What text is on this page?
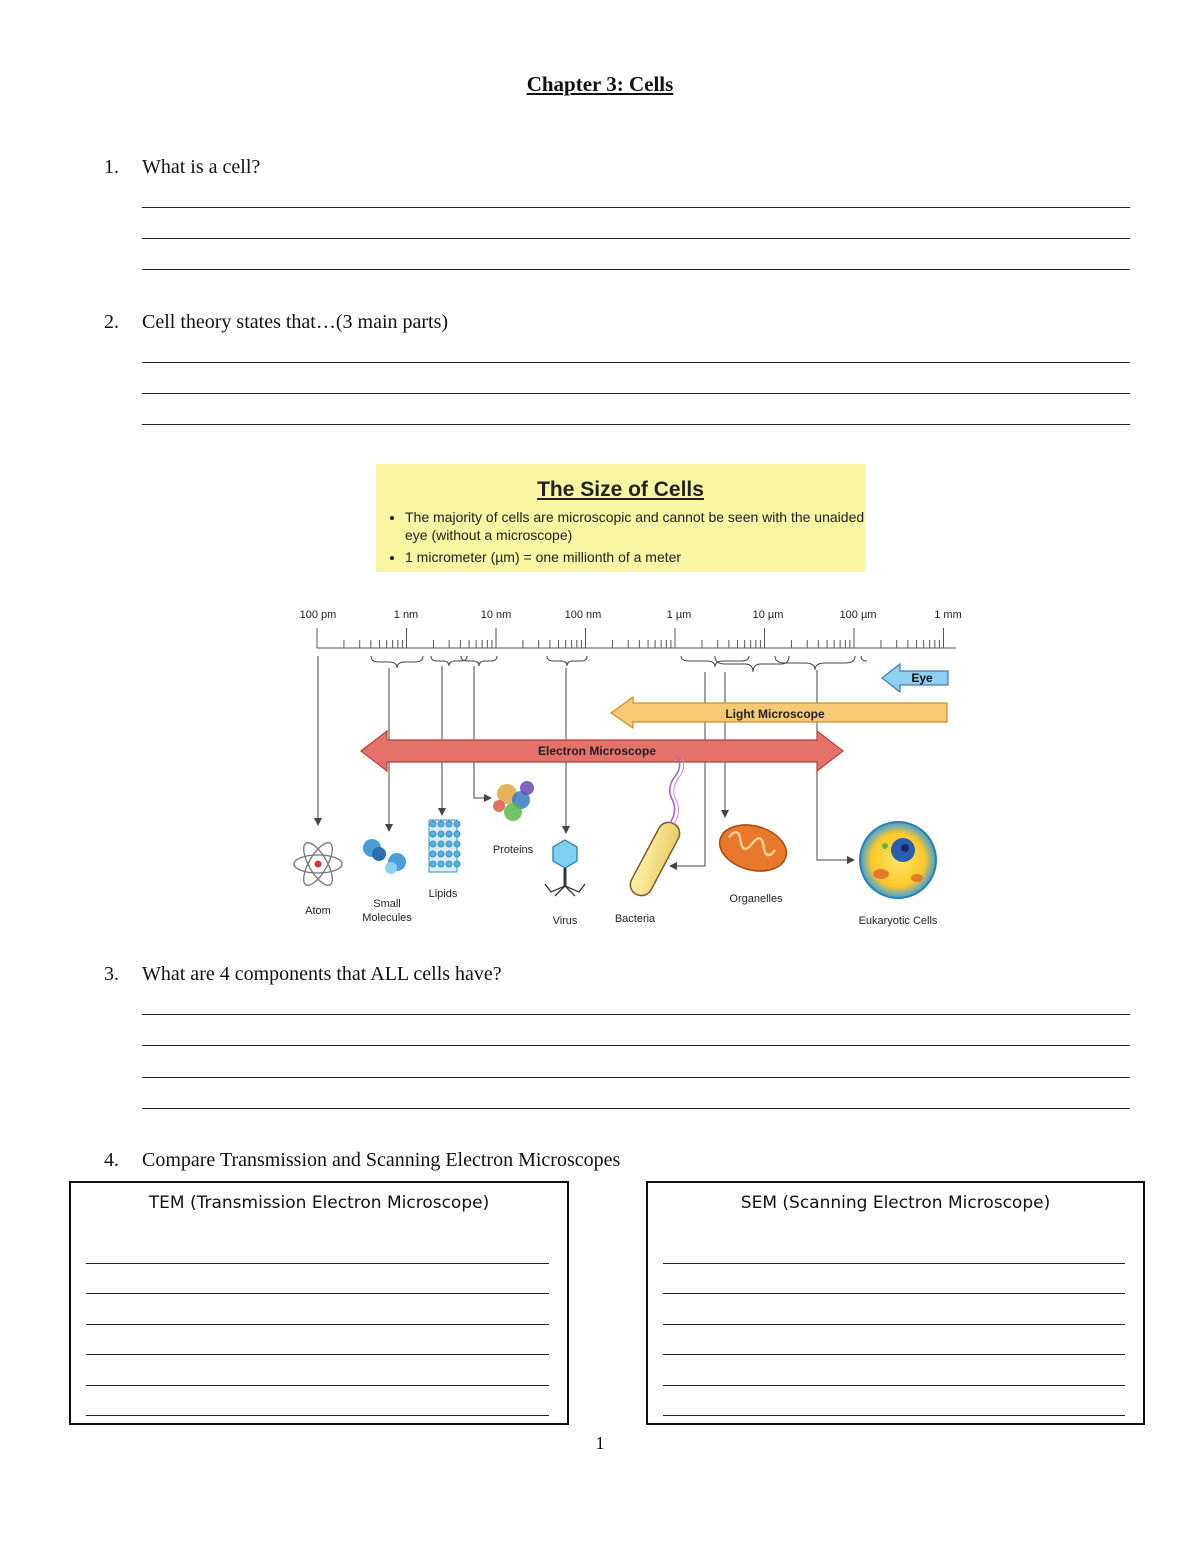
Chapter 3: Cells
1. What is a cell?
2. Cell theory states that…(3 main parts)
The Size of Cells
• The majority of cells are microscopic and cannot be seen with the unaided eye (without a microscope)
• 1 micrometer (µm) = one millionth of a meter
100 pm	1 nm	10 nm	100 nm	1 µm	10 µm	100 µm	1 mm
Eye
Light Microscope
Electron Microscope
Atom
Small
Molecules
Lipids
Proteins
Virus	Bacteria
Organelles
Eukaryotic Cells
3. What are 4 components that ALL cells have?
4. Compare Transmission and Scanning Electron Microscopes
TEM (Transmission Electron Microscope)	SEM (Scanning Electron Microscope)
1
